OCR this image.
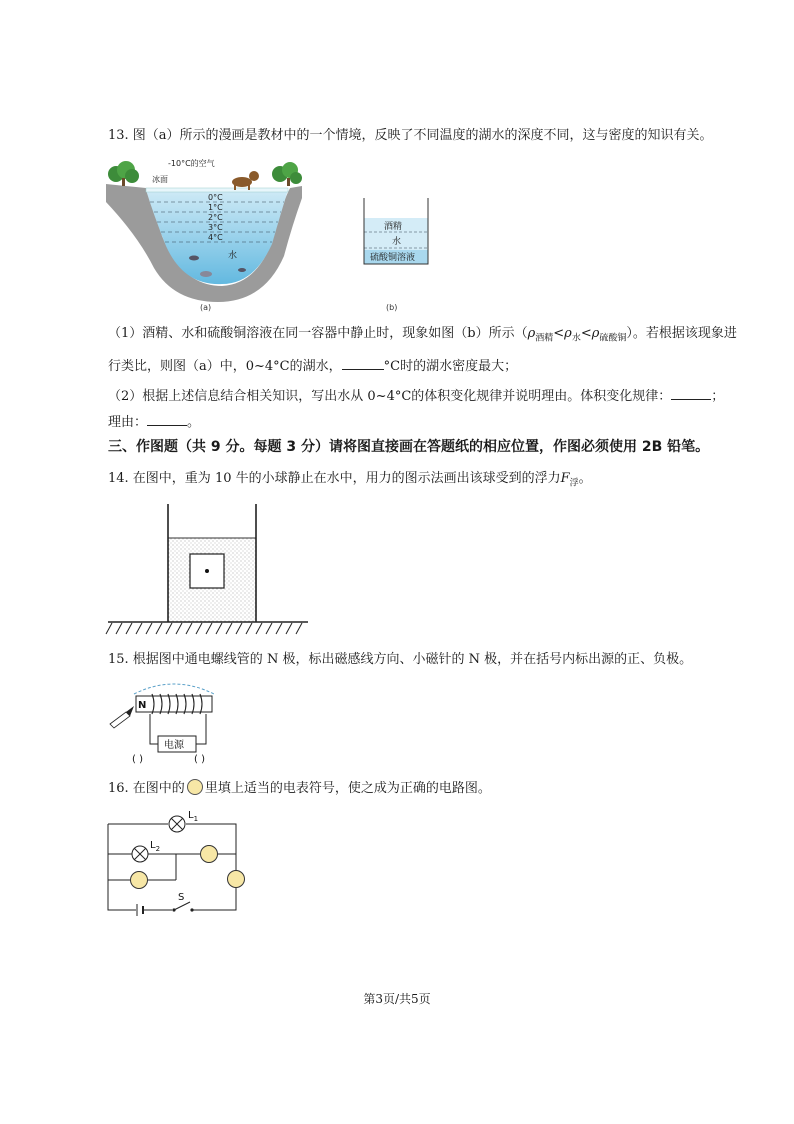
13. 图（a）所示的漫画是教材中的一个情境，反映了不同温度的湖水的深度不同，这与密度的知识有关。
0°C
1°C
2°C
3°C
4°C
水
-10°C的空气
冰面
(a)
酒精
水
硫酸铜溶液
(b)
（1）酒精、水和硫酸铜溶液在同一容器中静止时，现象如图（b）所示$(\rho_{酒精}<\rho_水<\rho_{硫酸铜})$。若根据该现象进
行类比，则图（a）中，0~4°C的湖水，	°C时的湖水密度最大；
（2）根据上述信息结合相关知识，写出水从 0~4°C的体积变化规律并说明理由。体积变化规律：	；
理由：	。
三、作图题（共 9 分。每题 3 分）请将图直接画在答题纸的相应位置，作图必须使用 2B 铅笔。
14. 在图中，重为 10 牛的小球静止在水中，用力的图示法画出该球受到的浮力$F_浮$。
15. 根据图中通电螺线管的 N 极，标出磁感线方向、小磁针的 N 极，并在括号内标出源的正、负极。
N
电源
( )	( )
16. 在图中的 里填上适当的电表符号，使之成为正确的电路图。
$L_1$
$L_2$
S
第3页/共5页
